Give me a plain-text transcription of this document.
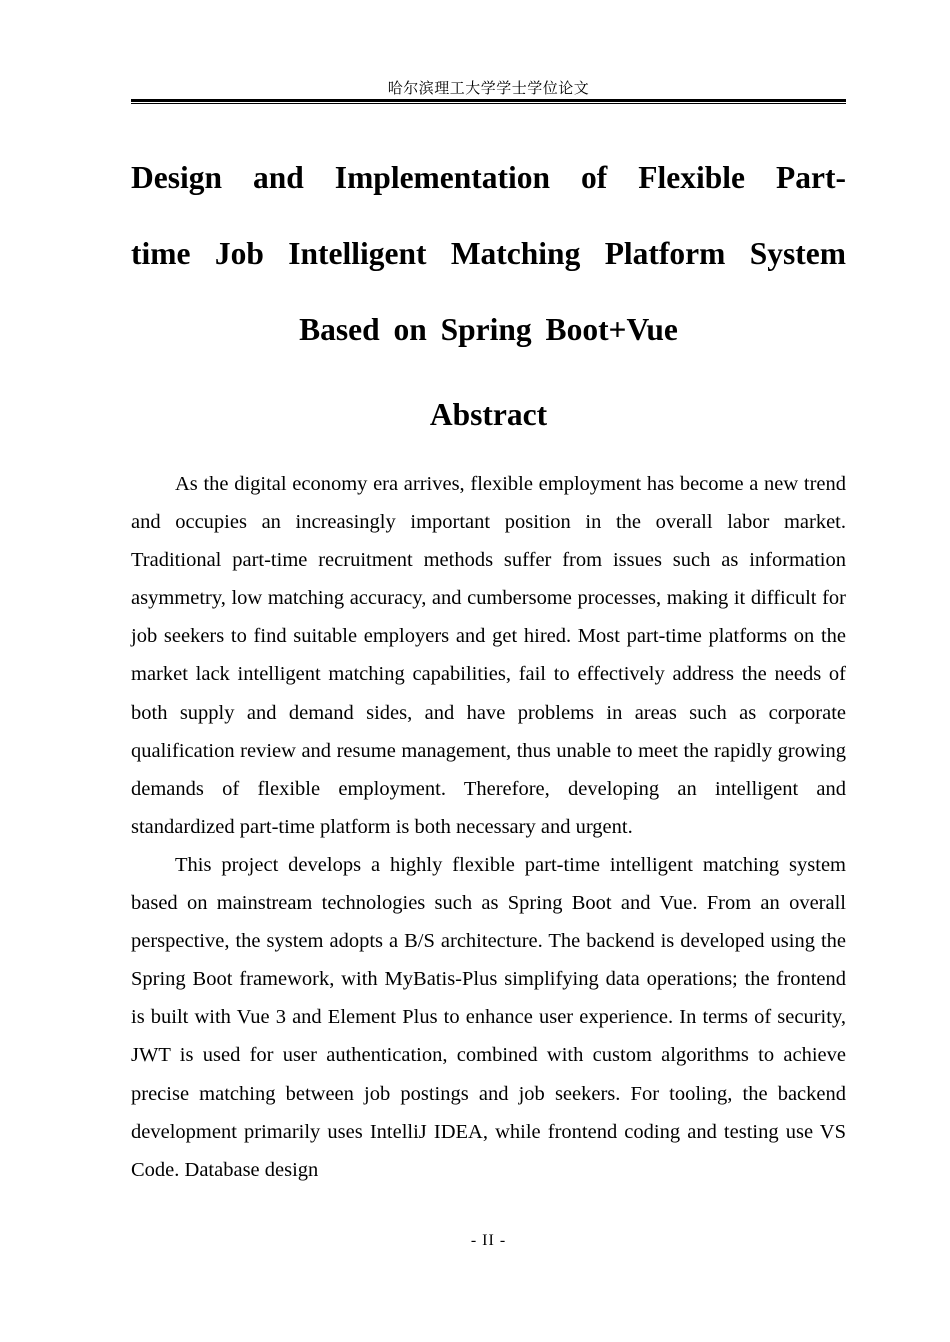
哈尔滨理工大学学士学位论文
Design and Implementation of Flexible Part-
time Job Intelligent Matching Platform System
Based on Spring Boot+Vue
Abstract

As the digital economy era arrives, flexible employment has become a new trend and occupies an increasingly important position in the overall labor market. Traditional part-time recruitment methods suffer from issues such as information asymmetry, low matching accuracy, and cumbersome processes, making it difficult for job seekers to find suitable employers and get hired. Most part-time platforms on the market lack intelligent matching capabilities, fail to effectively address the needs of both supply and demand sides, and have problems in areas such as corporate qualification review and resume management, thus unable to meet the rapidly growing demands of flexible employment. Therefore, developing an intelligent and standardized part-time platform is both necessary and urgent.

This project develops a highly flexible part-time intelligent matching system based on mainstream technologies such as Spring Boot and Vue. From an overall perspective, the system adopts a B/S architecture. The backend is developed using the Spring Boot framework, with MyBatis-Plus simplifying data operations; the frontend is built with Vue 3 and Element Plus to enhance user experience. In terms of security, JWT is used for user authentication, combined with custom algorithms to achieve precise matching between job postings and job seekers. For tooling, the backend development primarily uses IntelliJ IDEA, while frontend coding and testing use VS Code. Database design

- II -
